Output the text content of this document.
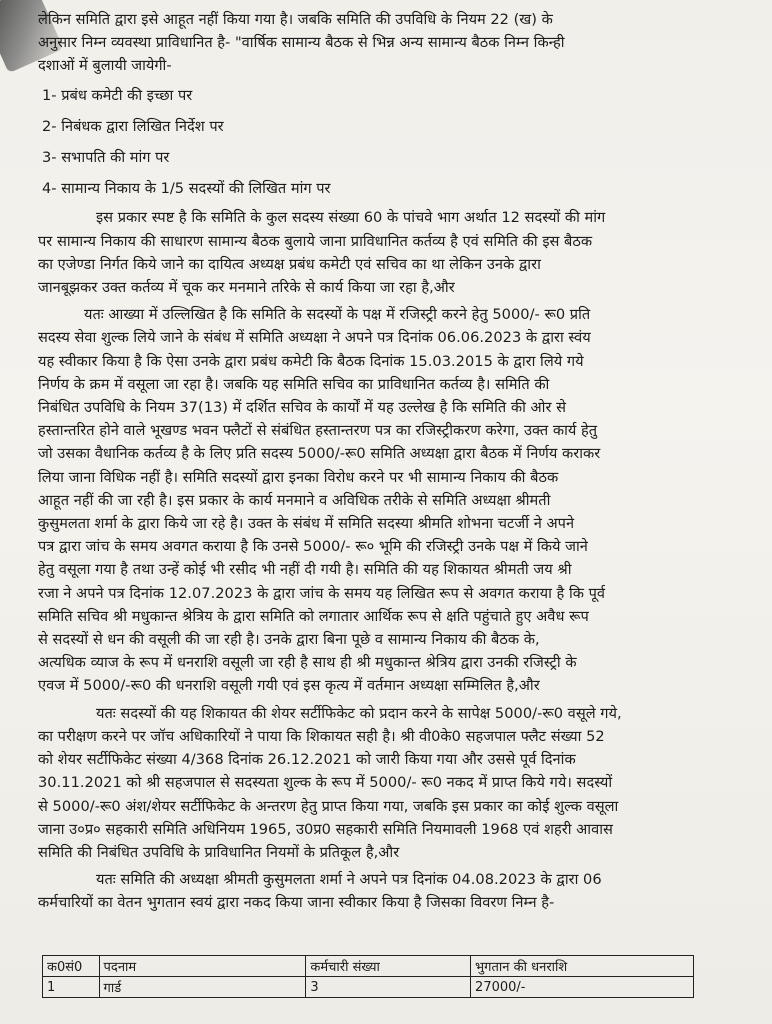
लेकिन समिति द्वारा इसे आहूत नहीं किया गया है। जबकि समिति की उपविधि के नियम 22 (ख) के

अनुसार निम्न व्यवस्था प्राविधानित है- "वार्षिक सामान्य बैठक से भिन्न अन्य सामान्य बैठक निम्न किन्ही

दशाओं में बुलायी जायेगी-

1- प्रबंध कमेटी की इच्छा पर

2- निबंधक द्वारा लिखित निर्देश पर

3- सभापति की मांग पर

4- सामान्य निकाय के 1/5 सदस्यों की लिखित मांग पर

इस प्रकार स्पष्ट है कि समिति के कुल सदस्य संख्या 60 के पांचवे भाग अर्थात 12 सदस्यों की मांग

पर सामान्य निकाय की साधारण सामान्य बैठक बुलाये जाना प्राविधानित कर्तव्य है एवं समिति की इस बैठक

का एजेण्डा निर्गत किये जाने का दायित्व अध्यक्ष प्रबंध कमेटी एवं सचिव का था लेकिन उनके द्वारा

जानबूझकर उक्त कर्तव्य में चूक कर मनमाने तरिके से कार्य किया जा रहा है,और

यतः आख्या में उल्लिखित है कि समिति के सदस्यों के पक्ष में रजिस्ट्री करने हेतु 5000/- रू0 प्रति

सदस्य सेवा शुल्क लिये जाने के संबंध में समिति अध्यक्षा ने अपने पत्र दिनांक 06.06.2023 के द्वारा स्वंय

यह स्वीकार किया है कि ऐसा उनके द्वारा प्रबंध कमेटी कि बैठक दिनांक 15.03.2015 के द्वारा लिये गये

निर्णय के क्रम में वसूला जा रहा है। जबकि यह समिति सचिव का प्राविधानित कर्तव्य है। समिति की

निबंधित उपविधि के नियम 37(13) में दर्शित सचिव के कार्यों में यह उल्लेख है कि समिति की ओर से

हस्तान्तरित होने वाले भूखण्ड भवन फ्लैटों से संबंधित हस्तान्तरण पत्र का रजिस्ट्रीकरण करेगा, उक्त कार्य हेतु

जो उसका वैधानिक कर्तव्य है के लिए प्रति सदस्य 5000/-रू0 समिति अध्यक्षा द्वारा बैठक में निर्णय कराकर

लिया जाना विधिक नहीं है। समिति सदस्यों द्वारा इनका विरोध करने पर भी सामान्य निकाय की बैठक

आहूत नहीं की जा रही है। इस प्रकार के कार्य मनमाने व अविधिक तरीके से समिति अध्यक्षा श्रीमती

कुसुमलता शर्मा के द्वारा किये जा रहे है। उक्त के संबंध में समिति सदस्या श्रीमति शोभना चटर्जी ने अपने

पत्र द्वारा जांच के समय अवगत कराया है कि उनसे 5000/- रू० भूमि की रजिस्ट्री उनके पक्ष में किये जाने

हेतु वसूला गया है तथा उन्हें कोई भी रसीद भी नहीं दी गयी है। समिति की यह शिकायत श्रीमती जय श्री

रजा ने अपने पत्र दिनांक 12.07.2023 के द्वारा जांच के समय यह लिखित रूप से अवगत कराया है कि पूर्व

समिति सचिव श्री मधुकान्त श्रेत्रिय के द्वारा समिति को लगातार आर्थिक रूप से क्षति पहुंचाते हुए अवैध रूप

से सदस्यों से धन की वसूली की जा रही है। उनके द्वारा बिना पूछे व सामान्य निकाय की बैठक के,

अत्यधिक व्याज के रूप में धनराशि वसूली जा रही है साथ ही श्री मधुकान्त श्रेत्रिय द्वारा उनकी रजिस्ट्री के

एवज में 5000/-रू0 की धनराशि वसूली गयी एवं इस कृत्य में वर्तमान अध्यक्षा सम्मिलित है,और

यतः सदस्यों की यह शिकायत की शेयर सर्टीफिकेट को प्रदान करने के सापेक्ष 5000/-रू0 वसूले गये,

का परीक्षण करने पर जॉच अधिकारियों ने पाया कि शिकायत सही है। श्री वी0के0 सहजपाल फ्लैट संख्या 52

को शेयर सर्टीफिकेट संख्या 4/368 दिनांक 26.12.2021 को जारी किया गया और उससे पूर्व दिनांक

30.11.2021 को श्री सहजपाल से सदस्यता शुल्क के रूप में 5000/- रू0 नकद में प्राप्त किये गये। सदस्यों

से 5000/-रू0 अंश/शेयर सर्टीफिकेट के अन्तरण हेतु प्राप्त किया गया, जबकि इस प्रकार का कोई शुल्क वसूला

जाना उ०प्र० सहकारी समिति अधिनियम 1965, उ0प्र0 सहकारी समिति नियमावली 1968 एवं शहरी आवास

समिति की निबंधित उपविधि के प्राविधानित नियमों के प्रतिकूल है,और

यतः समिति की अध्यक्षा श्रीमती कुसुमलता शर्मा ने अपने पत्र दिनांक 04.08.2023 के द्वारा 06

कर्मचारियों का वेतन भुगतान स्वयं द्वारा नकद किया जाना स्वीकार किया है जिसका विवरण निम्न है-

क0सं0	पदनाम	कर्मचारी संख्या	भुगतान की धनराशि
1	गार्ड	3	27000/-
